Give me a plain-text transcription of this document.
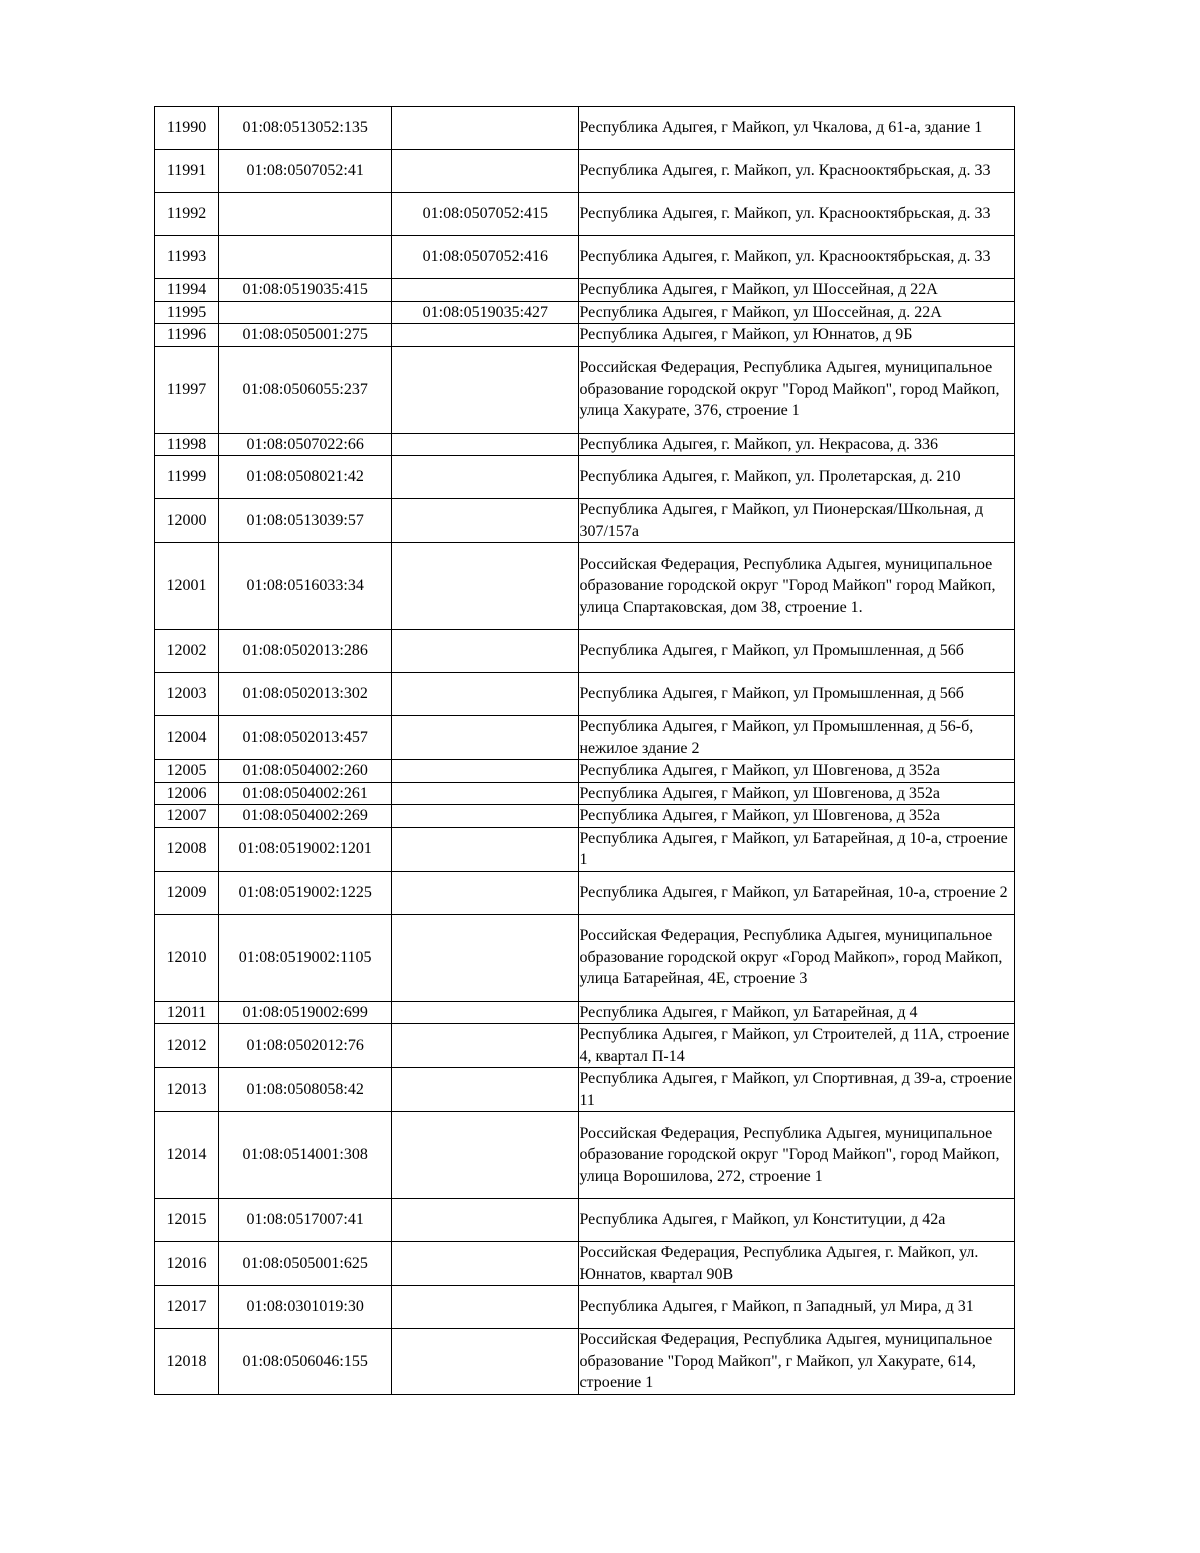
11990	01:08:0513052:135		Республика Адыгея, г Майкоп, ул Чкалова, д 61-а, здание 1
11991	01:08:0507052:41		Республика Адыгея, г. Майкоп, ул. Краснооктябрьская, д. 33
11992		01:08:0507052:415	Республика Адыгея, г. Майкоп, ул. Краснооктябрьская, д. 33
11993		01:08:0507052:416	Республика Адыгея, г. Майкоп, ул. Краснооктябрьская, д. 33
11994	01:08:0519035:415		Республика Адыгея, г Майкоп, ул Шоссейная, д 22А
11995		01:08:0519035:427	Республика Адыгея, г Майкоп, ул Шоссейная, д. 22А
11996	01:08:0505001:275		Республика Адыгея, г Майкоп, ул Юннатов, д 9Б
11997	01:08:0506055:237		Российская Федерация, Республика Адыгея, муниципальное образование городской округ "Город Майкоп", город Майкоп, улица Хакурате, 376, строение 1
11998	01:08:0507022:66		Республика Адыгея, г. Майкоп, ул. Некрасова, д. 336
11999	01:08:0508021:42		Республика Адыгея, г. Майкоп, ул. Пролетарская, д. 210
12000	01:08:0513039:57		Республика Адыгея, г Майкоп, ул Пионерская/Школьная, д 307/157а
12001	01:08:0516033:34		Российская Федерация, Республика Адыгея, муниципальное образование городской округ "Город Майкоп" город Майкоп, улица Спартаковская, дом 38, строение 1.
12002	01:08:0502013:286		Республика Адыгея, г Майкоп, ул Промышленная, д 56б
12003	01:08:0502013:302		Республика Адыгея, г Майкоп, ул Промышленная, д 56б
12004	01:08:0502013:457		Республика Адыгея, г Майкоп, ул Промышленная, д 56-б, нежилое здание 2
12005	01:08:0504002:260		Республика Адыгея, г Майкоп, ул Шовгенова, д 352а
12006	01:08:0504002:261		Республика Адыгея, г Майкоп, ул Шовгенова, д 352а
12007	01:08:0504002:269		Республика Адыгея, г Майкоп, ул Шовгенова, д 352а
12008	01:08:0519002:1201		Республика Адыгея, г Майкоп, ул Батарейная, д 10-а, строение 1
12009	01:08:0519002:1225		Республика Адыгея, г Майкоп, ул Батарейная, 10-а, строение 2
12010	01:08:0519002:1105		Российская Федерация, Республика Адыгея, муниципальное образование городской округ «Город Майкоп», город Майкоп, улица Батарейная, 4Е, строение 3
12011	01:08:0519002:699		Республика Адыгея, г Майкоп, ул Батарейная, д 4
12012	01:08:0502012:76		Республика Адыгея, г Майкоп, ул Строителей, д 11А, строение 4, квартал П-14
12013	01:08:0508058:42		Республика Адыгея, г Майкоп, ул Спортивная, д 39-а, строение 11
12014	01:08:0514001:308		Российская Федерация, Республика Адыгея, муниципальное образование городской округ "Город Майкоп", город Майкоп, улица Ворошилова, 272, строение 1
12015	01:08:0517007:41		Республика Адыгея, г Майкоп, ул Конституции, д 42а
12016	01:08:0505001:625		Российская Федерация, Республика Адыгея, г. Майкоп, ул. Юннатов, квартал 90В
12017	01:08:0301019:30		Республика Адыгея, г Майкоп, п Западный, ул Мира, д 31
12018	01:08:0506046:155		Российская Федерация, Республика Адыгея, муниципальное образование "Город Майкоп", г Майкоп, ул Хакурате, 614, строение 1
